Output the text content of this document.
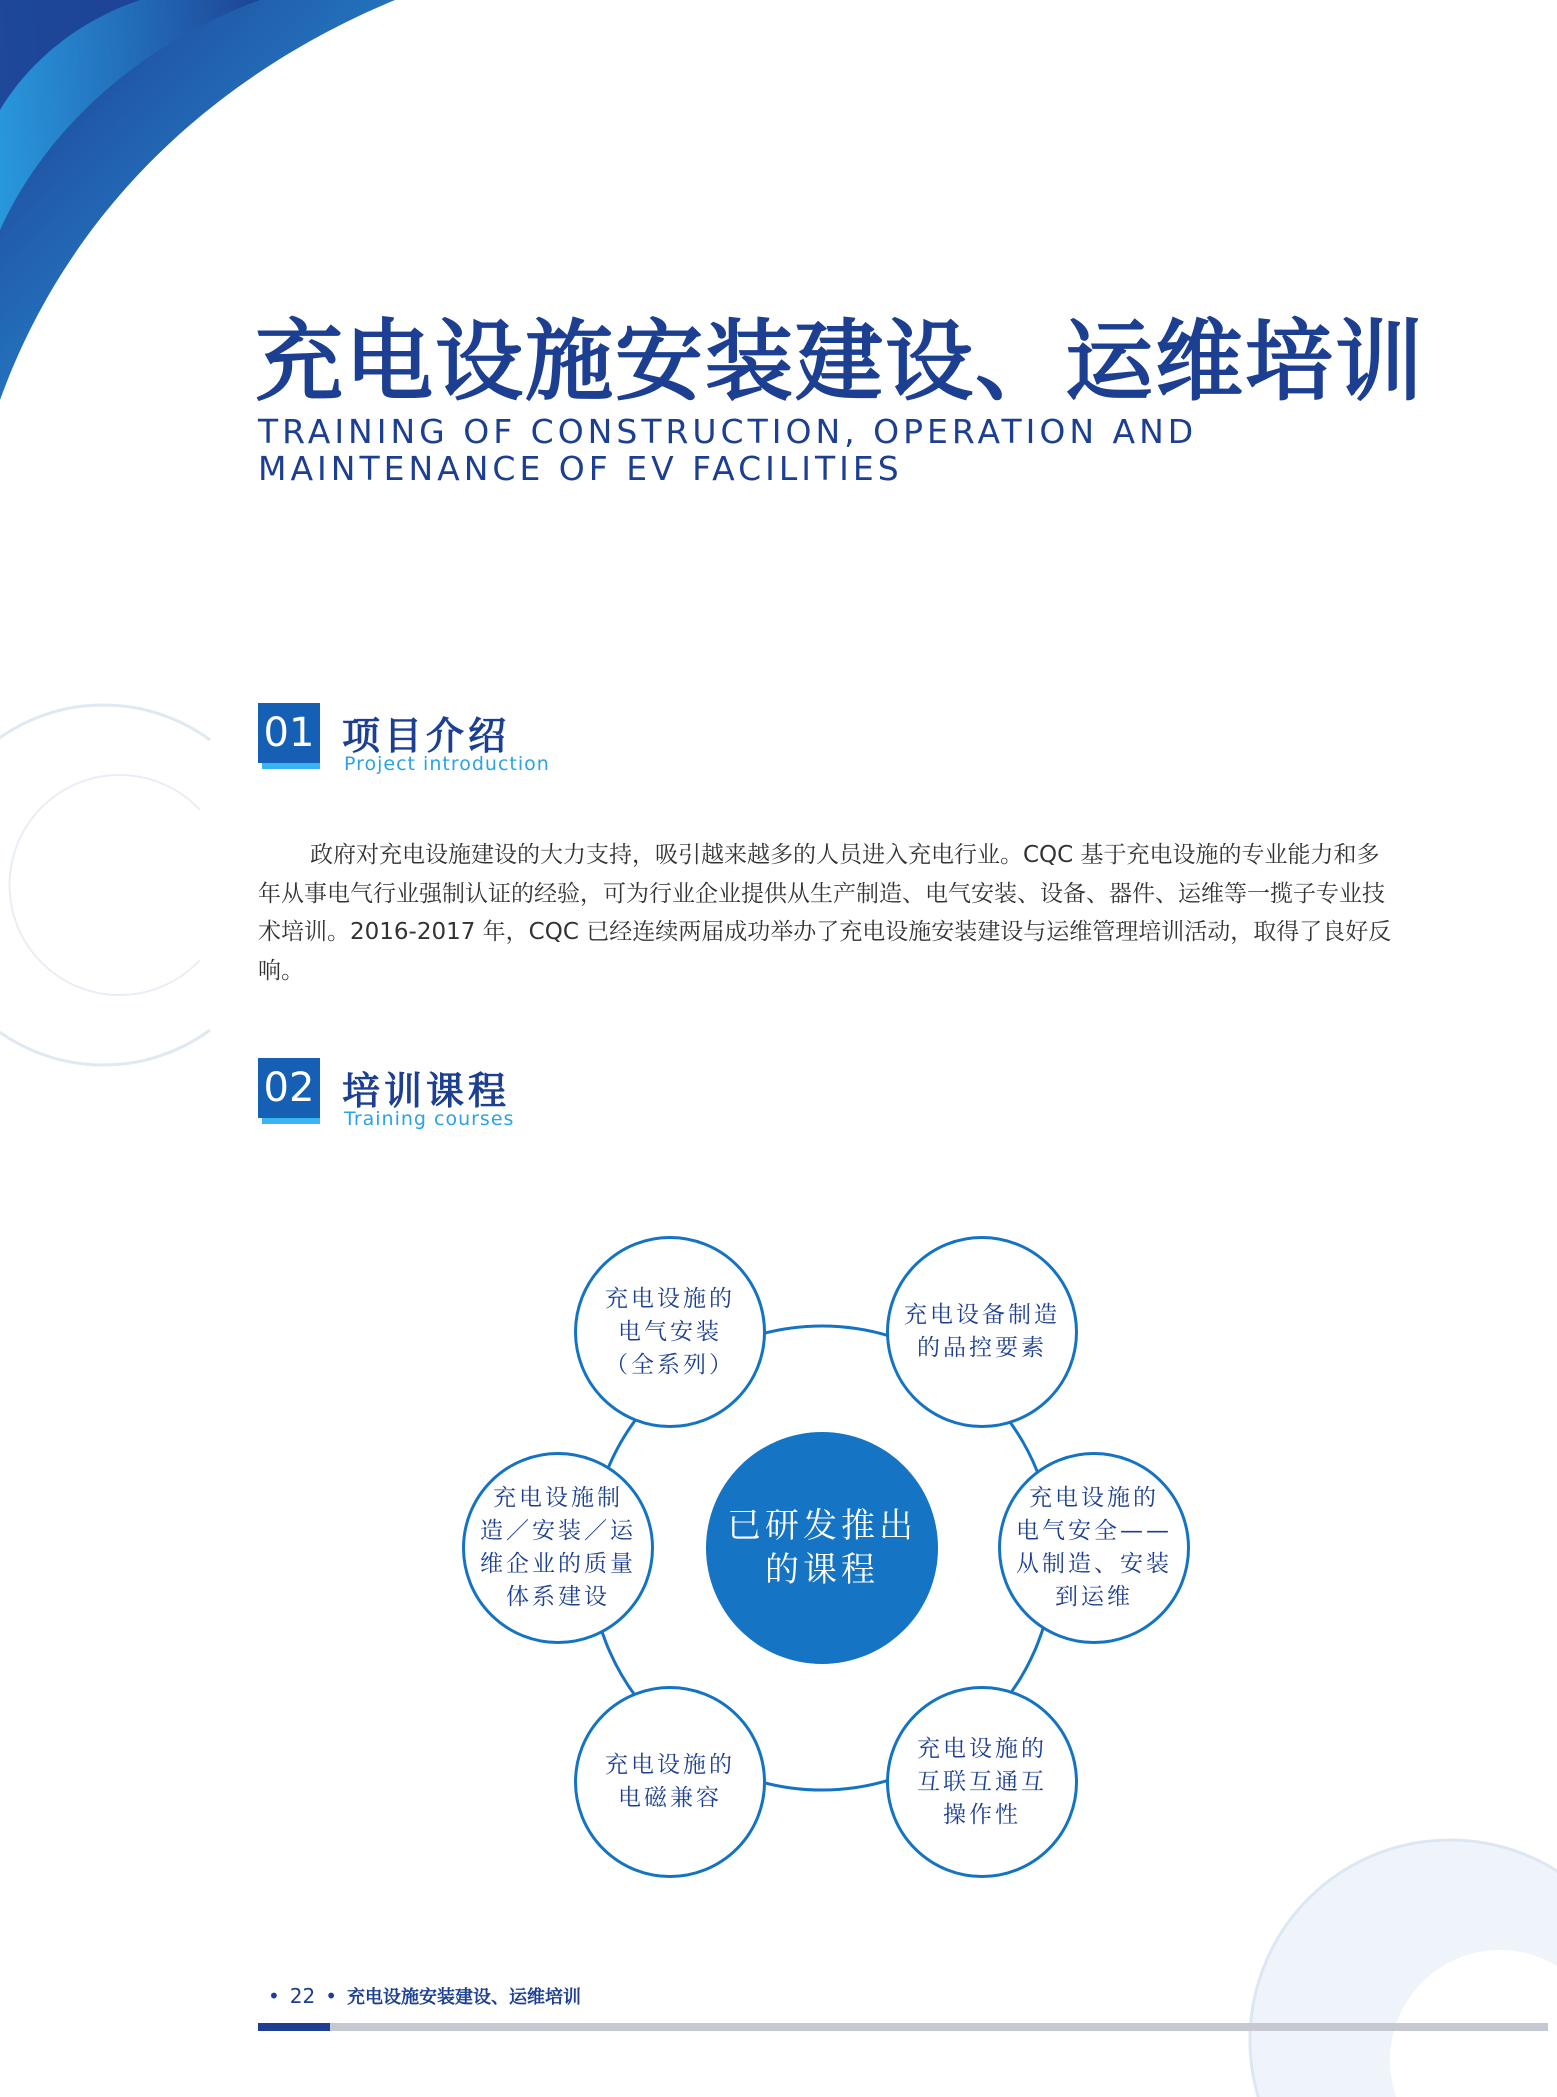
充电设施安装建设、运维培训
TRAINING OF CONSTRUCTION, OPERATION AND
MAINTENANCE OF EV FACILITIES
01 项目介绍
Project introduction

政府对充电设施建设的大力支持，吸引越来越多的人员进入充电行业。CQC 基于充电设施的专业能力和多年从事电气行业强制认证的经验，可为行业企业提供从生产制造、电气安装、设备、器件、运维等一揽子专业技术培训。2016-2017 年，CQC 已经连续两届成功举办了充电设施安装建设与运维管理培训活动，取得了良好反响。

02 培训课程
Training courses
已研发推出
的课程
充电设施的
电气安装
（全系列）
充电设备制造
的品控要素
充电设施的
电气安全——
从制造、安装
到运维
充电设施的
互联互通互
操作性
充电设施的
电磁兼容
充电设施制
造／安装／运
维企业的质量
体系建设
• 22 • 充电设施安装建设、运维培训
